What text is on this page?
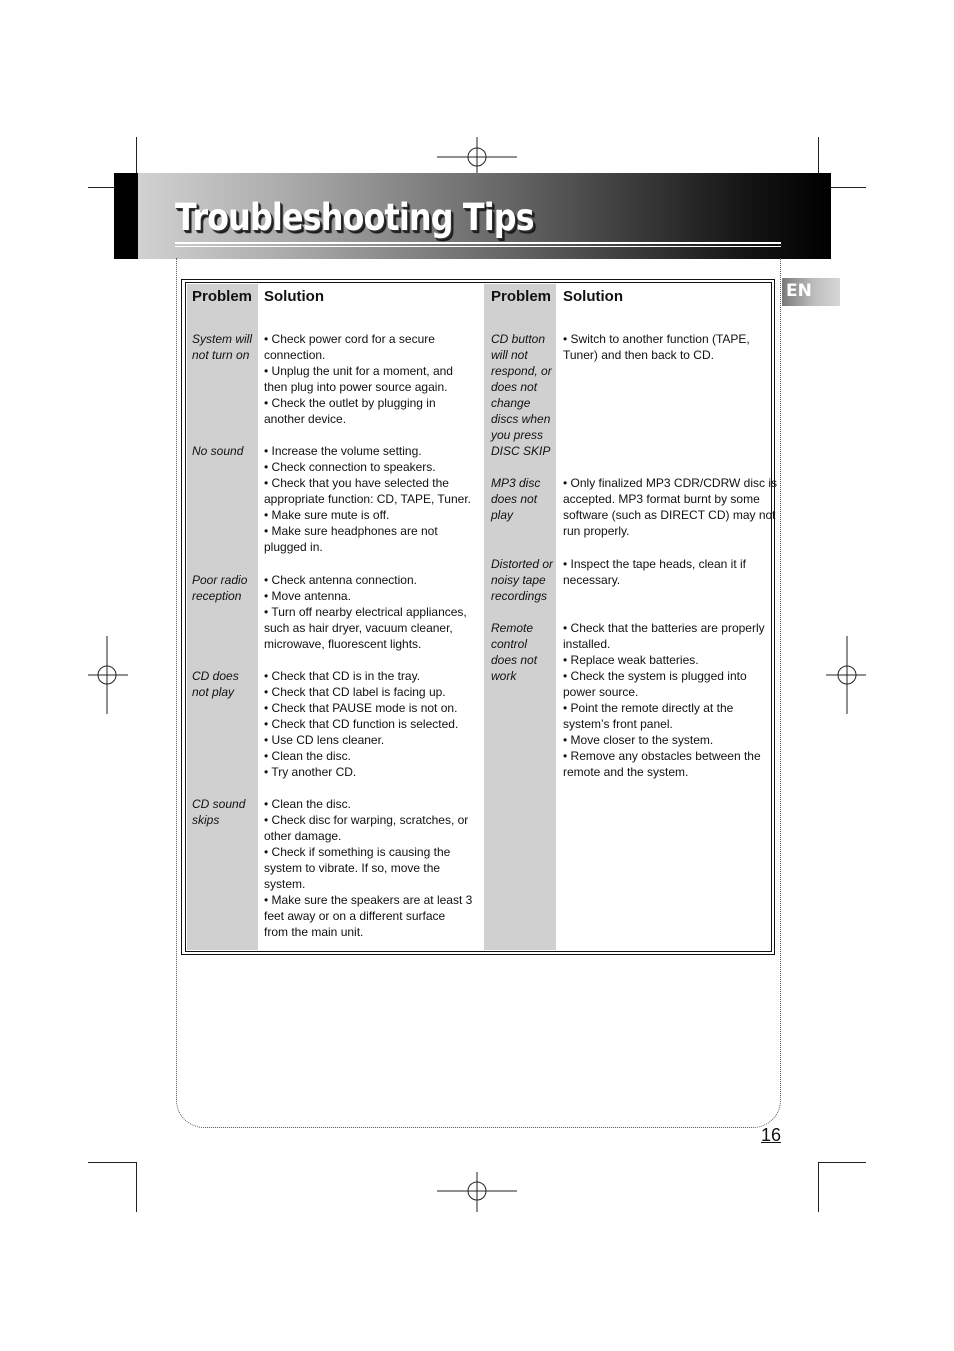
Troubleshooting Tips
EN
Problem Solution	Problem Solution
System will
not turn on
• Check power cord for a secure
connection.
• Unplug the unit for a moment, and
then plug into power source again.
• Check the outlet by plugging in
another device.
No sound • Increase the volume setting.
• Check connection to speakers.
• Check that you have selected the
appropriate function: CD, TAPE, Tuner.
• Make sure mute is off.
• Make sure headphones are not
plugged in.
Poor radio
reception
• Check antenna connection.
• Move antenna.
• Turn off nearby electrical appliances,
such as hair dryer, vacuum cleaner,
microwave, fluorescent lights.
CD does
not play
• Check that CD is in the tray.
• Check that CD label is facing up.
• Check that PAUSE mode is not on.
• Check that CD function is selected.
• Use CD lens cleaner.
• Clean the disc.
• Try another CD.
CD sound
skips
• Clean the disc.
• Check disc for warping, scratches, or
other damage.
• Check if something is causing the
system to vibrate. If so, move the
system.
• Make sure the speakers are at least 3
feet away or on a different surface
from the main unit.
CD button
will not
respond, or
does not
change
discs when
you press
DISC SKIP
• Switch to another function (TAPE,
Tuner) and then back to CD.
MP3 disc
does not
play
• Only finalized MP3 CDR/CDRW disc is
accepted. MP3 format burnt by some
software (such as DIRECT CD) may not
run properly.
Distorted or
noisy tape
recordings
• Inspect the tape heads, clean it if
necessary.
Remote
control
does not
work
• Check that the batteries are properly
installed.
• Replace weak batteries.
• Check the system is plugged into
power source.
• Point the remote directly at the
system’s front panel.
• Move closer to the system.
• Remove any obstacles between the
remote and the system.
16
